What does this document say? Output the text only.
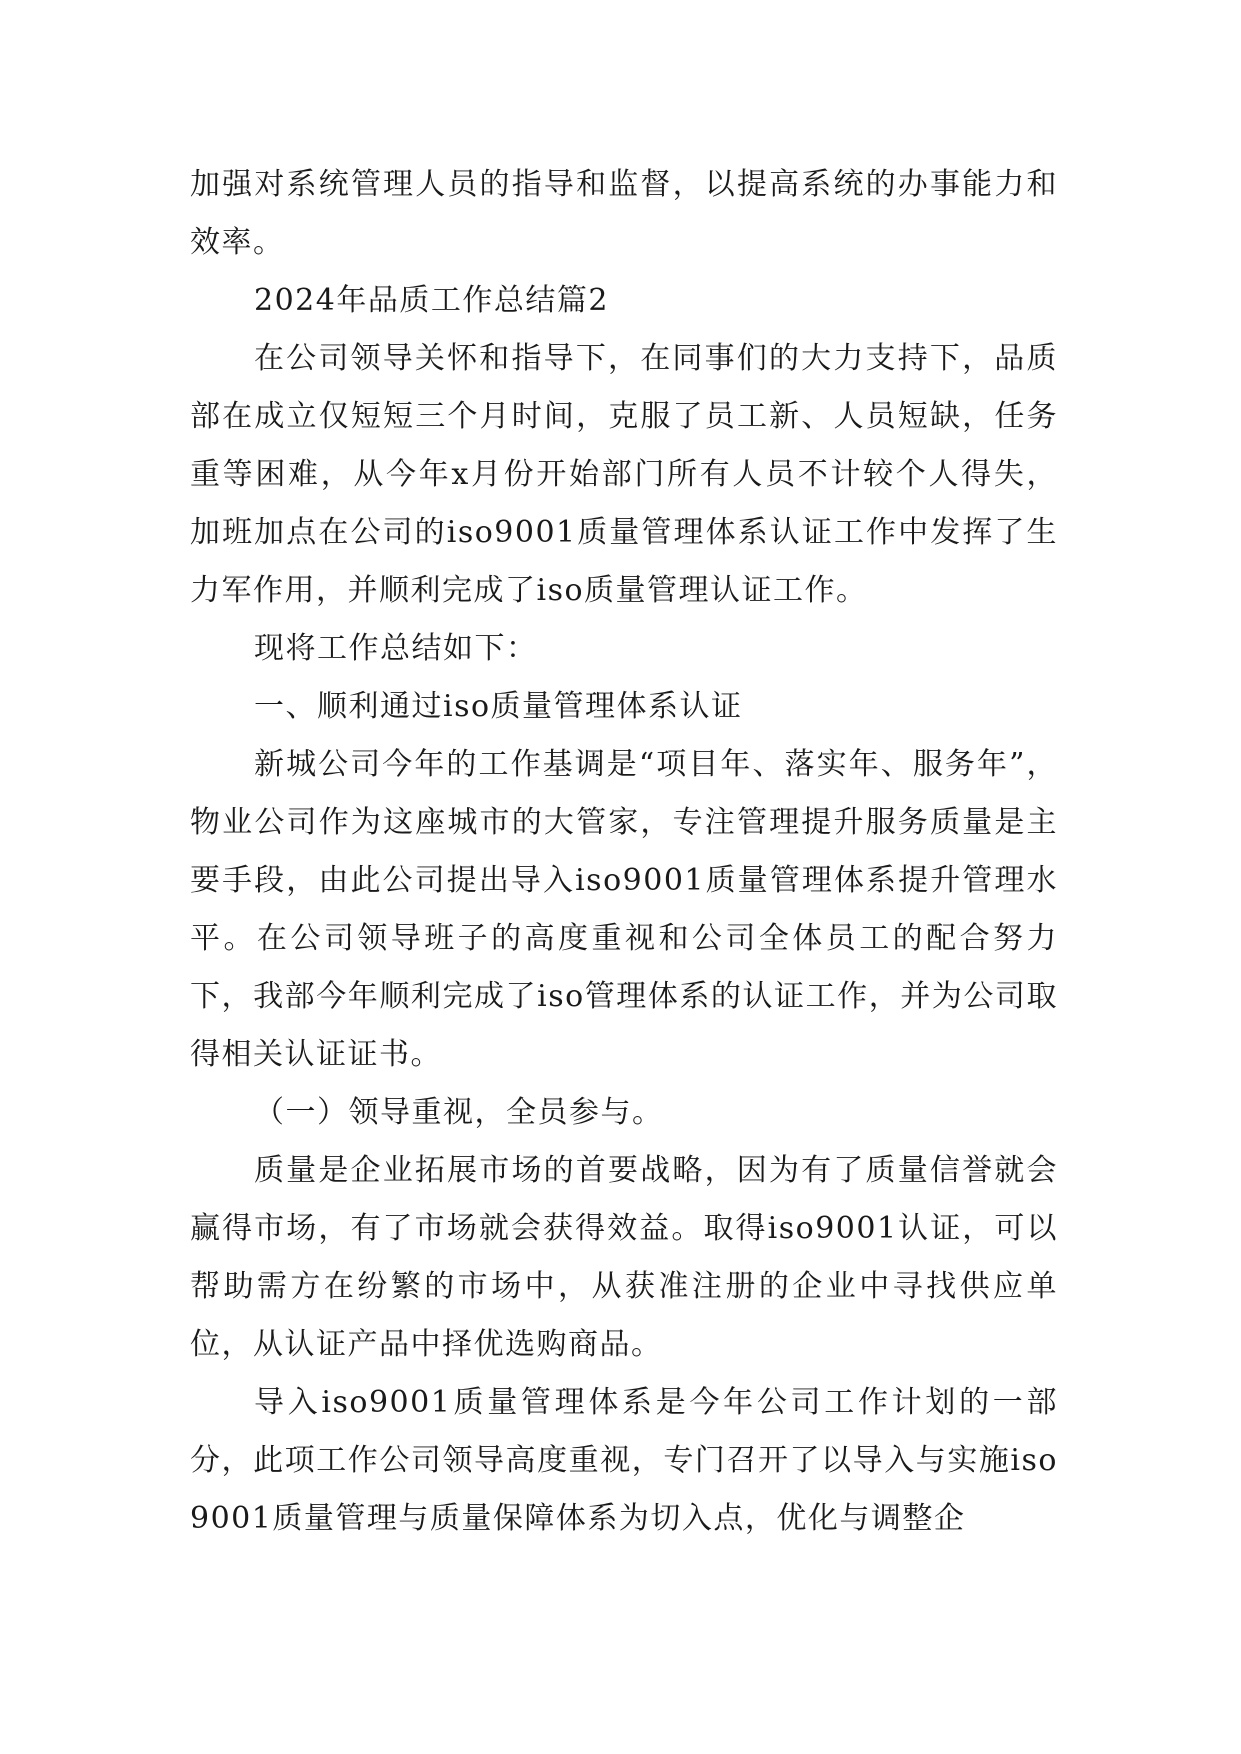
加强对系统管理人员的指导和监督，以提高系统的办事能力和效率。

2024年品质工作总结篇2

在公司领导关怀和指导下，在同事们的大力支持下，品质部在成立仅短短三个月时间，克服了员工新、人员短缺，任务重等困难，从今年x月份开始部门所有人员不计较个人得失，加班加点在公司的iso9001质量管理体系认证工作中发挥了生力军作用，并顺利完成了iso质量管理认证工作。

现将工作总结如下：

一、顺利通过iso质量管理体系认证

新城公司今年的工作基调是“项目年、落实年、服务年”，物业公司作为这座城市的大管家，专注管理提升服务质量是主要手段，由此公司提出导入iso9001质量管理体系提升管理水平。在公司领导班子的高度重视和公司全体员工的配合努力下，我部今年顺利完成了iso管理体系的认证工作，并为公司取得相关认证证书。

（一）领导重视，全员参与。

质量是企业拓展市场的首要战略，因为有了质量信誉就会赢得市场，有了市场就会获得效益。取得iso9001认证，可以帮助需方在纷繁的市场中，从获准注册的企业中寻找供应单位，从认证产品中择优选购商品。

导入iso9001质量管理体系是今年公司工作计划的一部分，此项工作公司领导高度重视，专门召开了以导入与实施iso9001质量管理与质量保障体系为切入点，优化与调整企
